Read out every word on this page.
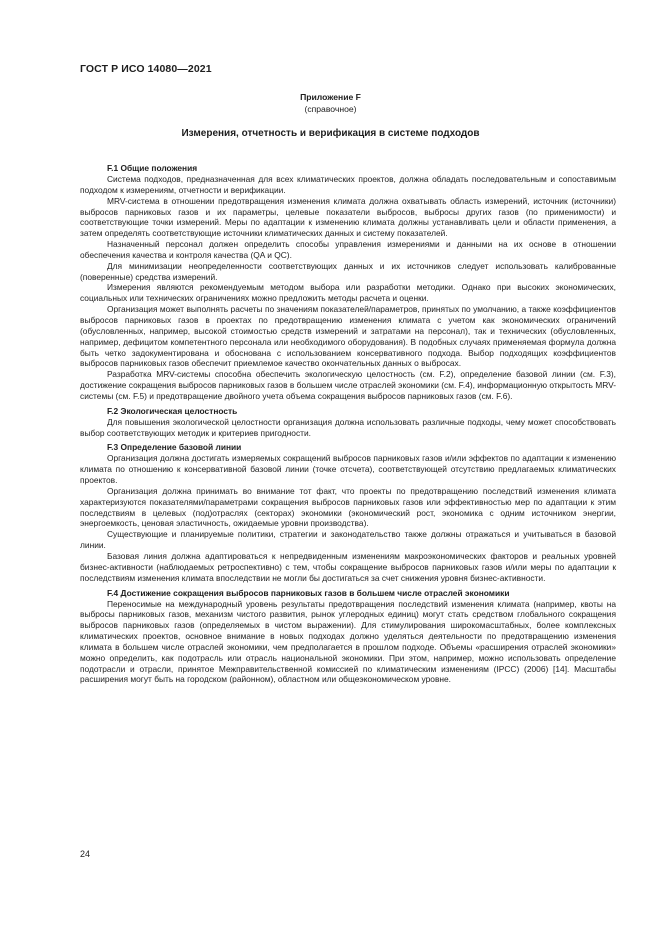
ГОСТ Р ИСО 14080—2021
Приложение F
(справочное)
Измерения, отчетность и верификация в системе подходов
F.1 Общие положения

Система подходов, предназначенная для всех климатических проектов, должна обладать последовательным и сопоставимым подходом к измерениям, отчетности и верификации.

MRV-система в отношении предотвращения изменения климата должна охватывать область измерений, источник (источники) выбросов парниковых газов и их параметры, целевые показатели выбросов, выбросы других газов (по применимости) и соответствующие точки измерений. Меры по адаптации к изменению климата должны устанавливать цели и области применения, а затем определять соответствующие источники климатических данных и систему показателей.

Назначенный персонал должен определить способы управления измерениями и данными на их основе в отношении обеспечения качества и контроля качества (QA и QC).

Для минимизации неопределенности соответствующих данных и их источников следует использовать калиброванные (поверенные) средства измерений.

Измерения являются рекомендуемым методом выбора или разработки методики. Однако при высоких экономических, социальных или технических ограничениях можно предложить методы расчета и оценки.

Организация может выполнять расчеты по значениям показателей/параметров, принятых по умолчанию, а также коэффициентов выбросов парниковых газов в проектах по предотвращению изменения климата с учетом как экономических ограничений (обусловленных, например, высокой стоимостью средств измерений и затратами на персонал), так и технических (обусловленных, например, дефицитом компетентного персонала или необходимого оборудования). В подобных случаях применяемая формула должна быть четко задокументирована и обоснована с использованием консервативного подхода. Выбор подходящих коэффициентов выбросов парниковых газов обеспечит приемлемое качество окончательных данных о выбросах.

Разработка MRV-системы способна обеспечить экологическую целостность (см. F.2), определение базовой линии (см. F.3), достижение сокращения выбросов парниковых газов в большем числе отраслей экономики (см. F.4), информационную открытость MRV-системы (см. F.5) и предотвращение двойного учета объема сокращения выбросов парниковых газов (см. F.6).

F.2 Экологическая целостность

Для повышения экологической целостности организация должна использовать различные подходы, чему может способствовать выбор соответствующих методик и критериев пригодности.

F.3 Определение базовой линии

Организация должна достигать измеряемых сокращений выбросов парниковых газов и/или эффектов по адаптации к изменению климата по отношению к консервативной базовой линии (точке отсчета), соответствующей отсутствию предлагаемых климатических проектов.

Организация должна принимать во внимание тот факт, что проекты по предотвращению последствий изменения климата характеризуются показателями/параметрами сокращения выбросов парниковых газов или эффективностью мер по адаптации к этим последствиям в целевых (под)отраслях (секторах) экономики (экономический рост, экономика с одним источником энергии, энергоемкость, ценовая эластичность, ожидаемые уровни производства).

Существующие и планируемые политики, стратегии и законодательство также должны отражаться и учитываться в базовой линии.

Базовая линия должна адаптироваться к непредвиденным изменениям макроэкономических факторов и реальных уровней бизнес-активности (наблюдаемых ретроспективно) с тем, чтобы сокращение выбросов парниковых газов и/или меры по адаптации к последствиям изменения климата впоследствии не могли бы достигаться за счет снижения уровня бизнес-активности.

F.4 Достижение сокращения выбросов парниковых газов в большем числе отраслей экономики

Переносимые на международный уровень результаты предотвращения последствий изменения климата (например, квоты на выбросы парниковых газов, механизм чистого развития, рынок углеродных единиц) могут стать средством глобального сокращения выбросов парниковых газов (определяемых в чистом выражении). Для стимулирования широкомасштабных, более комплексных климатических проектов, основное внимание в новых подходах должно уделяться деятельности по предотвращению изменения климата в большем числе отраслей экономики, чем предполагается в прошлом подходе. Объемы «расширения отраслей экономики» можно определить, как подотрасль или отрасль национальной экономики. При этом, например, можно использовать определение подотрасли и отрасли, принятое Межправительственной комиссией по климатическим изменениям (IPCC) (2006) [14]. Масштабы расширения могут быть на городском (районном), областном или общеэкономическом уровне.

24
